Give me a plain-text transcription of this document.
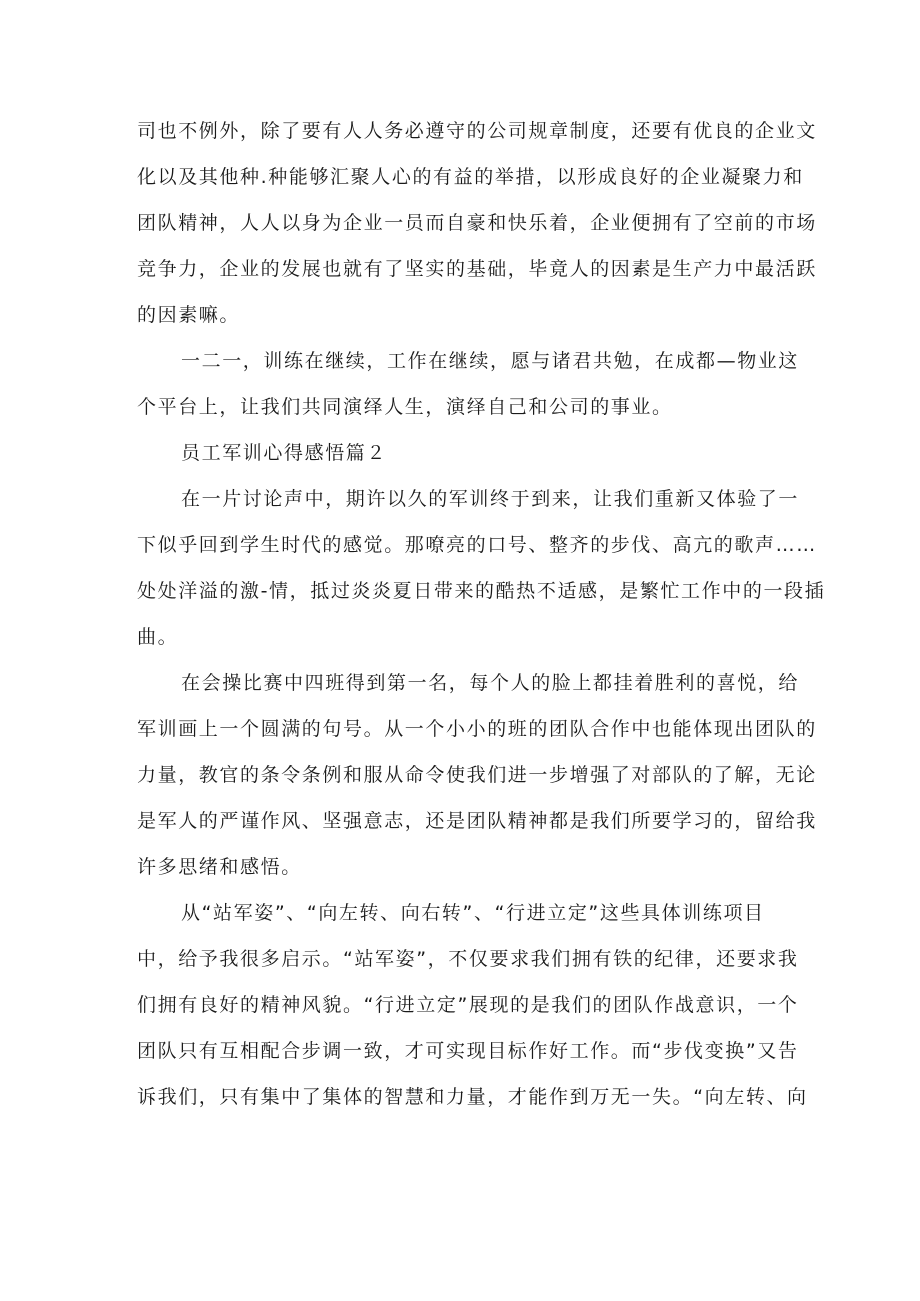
司也不例外，除了要有人人务必遵守的公司规章制度，还要有优良的企业文
化以及其他种.种能够汇聚人心的有益的举措，以形成良好的企业凝聚力和
团队精神，人人以身为企业一员而自豪和快乐着，企业便拥有了空前的市场
竞争力，企业的发展也就有了坚实的基础，毕竟人的因素是生产力中最活跃
的因素嘛。
一二一，训练在继续，工作在继续，愿与诸君共勉，在成都—物业这
个平台上，让我们共同演绎人生，演绎自己和公司的事业。
员工军训心得感悟篇２
在一片讨论声中，期许以久的军训终于到来，让我们重新又体验了一
下似乎回到学生时代的感觉。那嘹亮的口号、整齐的步伐、高亢的歌声……
处处洋溢的激-情，抵过炎炎夏日带来的酷热不适感，是繁忙工作中的一段插
曲。
在会操比赛中四班得到第一名，每个人的脸上都挂着胜利的喜悦，给
军训画上一个圆满的句号。从一个小小的班的团队合作中也能体现出团队的
力量，教官的条令条例和服从命令使我们进一步增强了对部队的了解，无论
是军人的严谨作风、坚强意志，还是团队精神都是我们所要学习的，留给我
许多思绪和感悟。
从“站军姿”、“向左转、向右转”、“行进立定”这些具体训练项目
中，给予我很多启示。“站军姿”，不仅要求我们拥有铁的纪律，还要求我
们拥有良好的精神风貌。“行进立定”展现的是我们的团队作战意识，一个
团队只有互相配合步调一致，才可实现目标作好工作。而“步伐变换”又告
诉我们，只有集中了集体的智慧和力量，才能作到万无一失。“向左转、向
